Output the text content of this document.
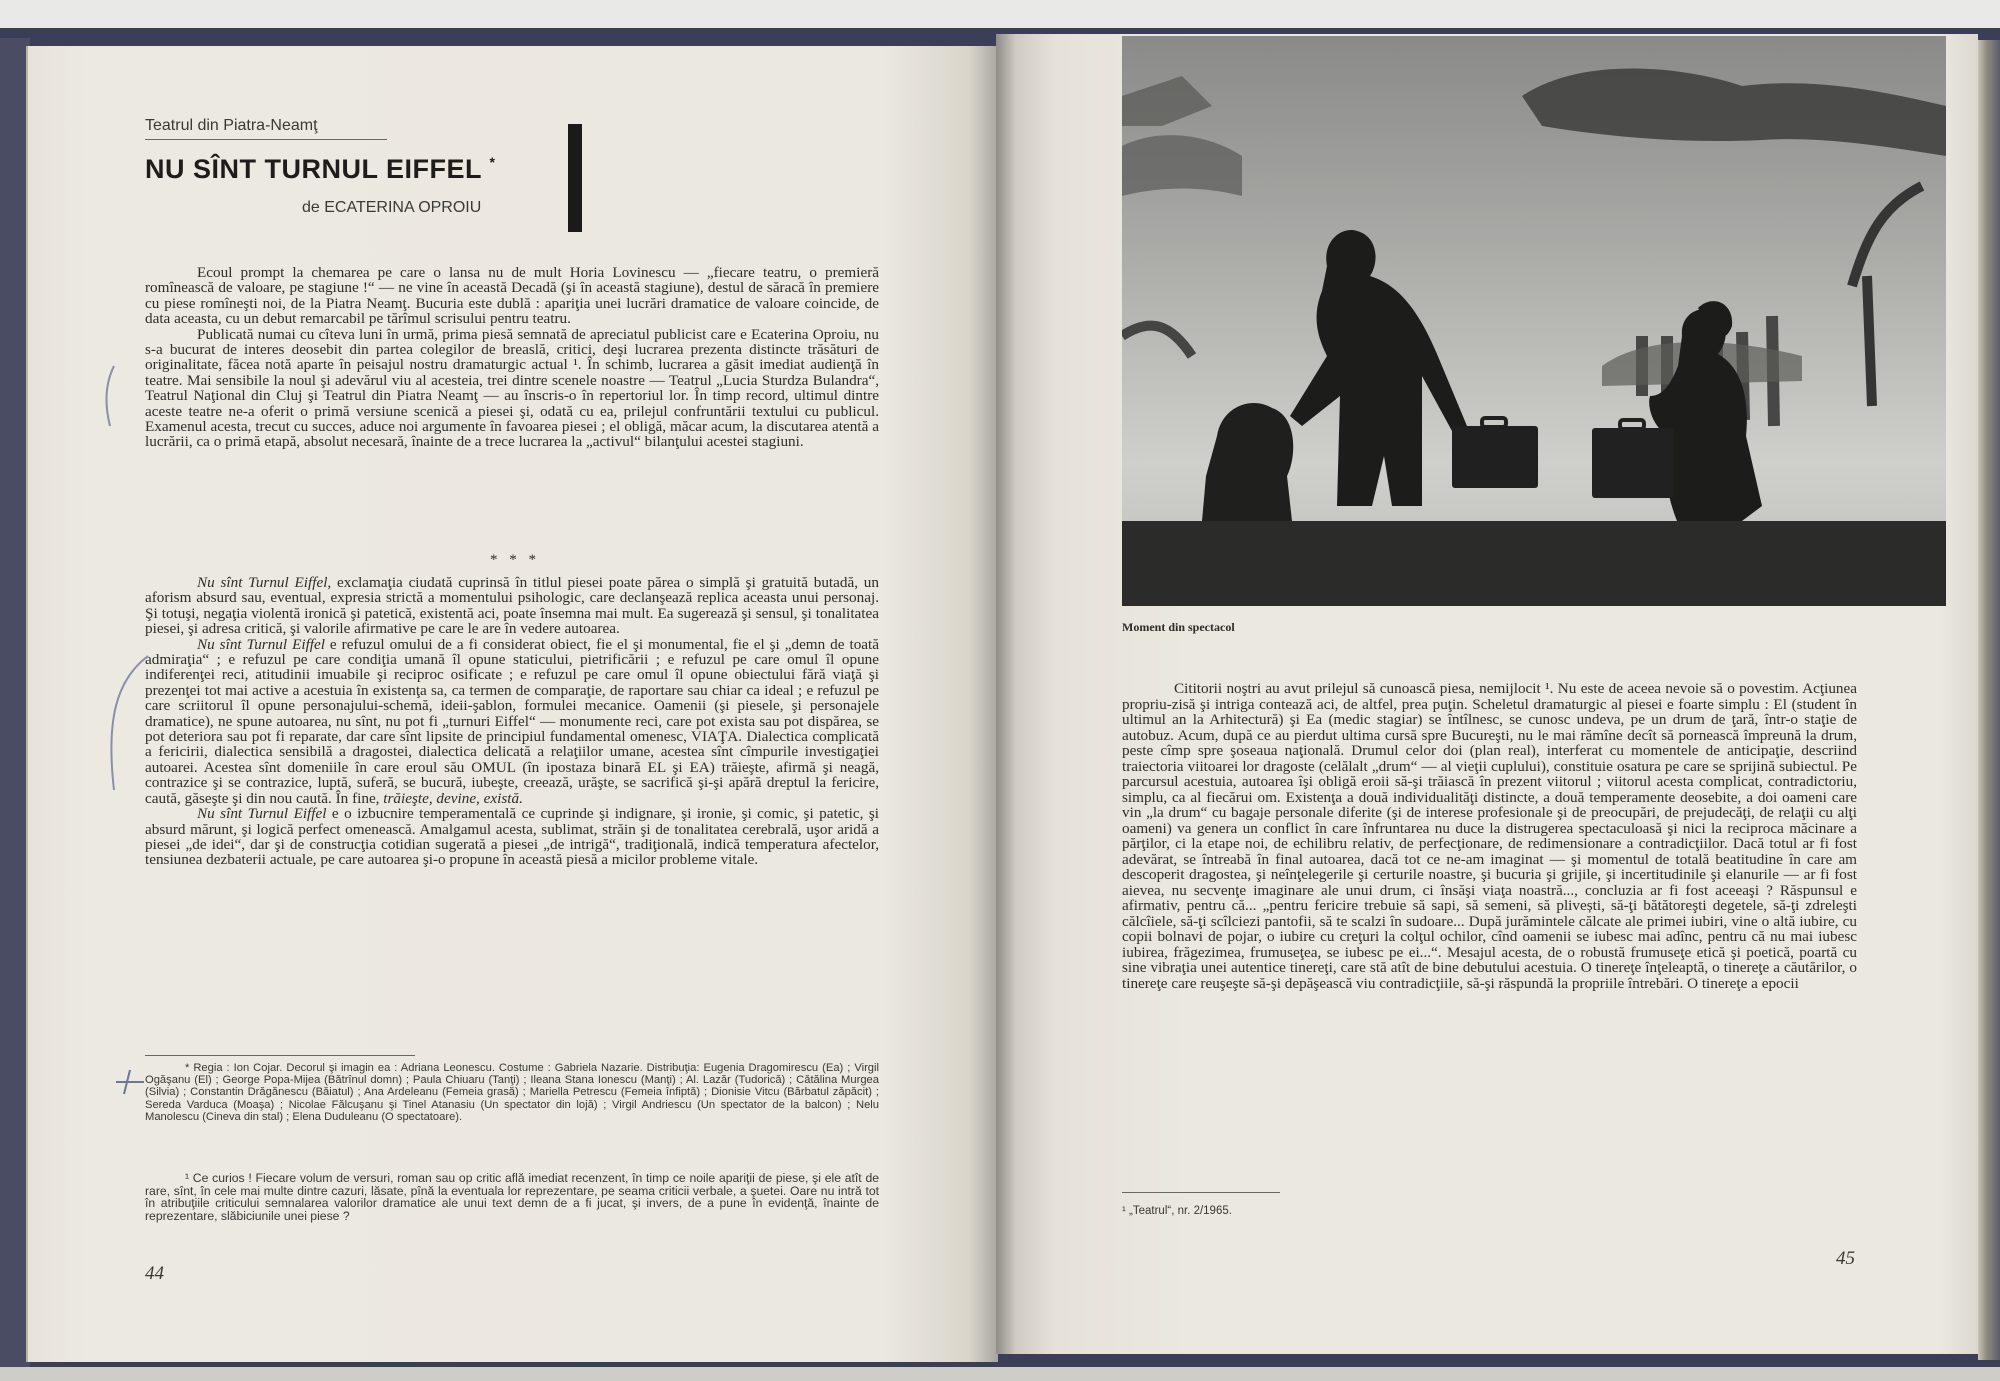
Teatrul din Piatra-Neamţ
NU SÎNT TURNUL EIFFEL *
de ECATERINA OPROIU

Ecoul prompt la chemarea pe care o lansa nu de mult Horia Lovinescu — „fiecare teatru, o premieră romînească de valoare, pe stagiune !“ — ne vine în această Decadă (şi în această stagiune), destul de săracă în premiere cu piese romîneşti noi, de la Piatra Neamţ. Bucuria este dublă : apariţia unei lucrări dramatice de valoare coincide, de data aceasta, cu un debut remarcabil pe tărîmul scrisului pentru teatru.

Publicată numai cu cîteva luni în urmă, prima piesă semnată de apreciatul publicist care e Ecaterina Oproiu, nu s-a bucurat de interes deosebit din partea colegilor de breaslă, critici, deşi lucrarea prezenta distincte trăsături de originalitate, făcea notă aparte în peisajul nostru dramaturgic actual ¹. În schimb, lucrarea a găsit imediat audienţă în teatre. Mai sensibile la noul şi adevărul viu al acesteia, trei dintre scenele noastre — Teatrul „Lucia Sturdza Bulandra“, Teatrul Naţional din Cluj şi Teatrul din Piatra Neamţ — au înscris-o în repertoriul lor. În timp record, ultimul dintre aceste teatre ne-a oferit o primă versiune scenică a piesei şi, odată cu ea, prilejul confruntării textului cu publicul. Examenul acesta, trecut cu succes, aduce noi argumente în favoarea piesei ; el obligă, măcar acum, la discutarea atentă a lucrării, ca o primă etapă, absolut necesară, înainte de a trece lucrarea la „activul“ bilanţului acestei stagiuni.

* * *

Nu sînt Turnul Eiffel, exclamaţia ciudată cuprinsă în titlul piesei poate părea o simplă şi gratuită butadă, un aforism absurd sau, eventual, expresia strictă a momentului psihologic, care declanşează replica aceasta unui personaj. Şi totuşi, negaţia violentă ironică şi patetică, existentă aci, poate însemna mai mult. Ea sugerează şi sensul, şi tonalitatea piesei, şi adresa critică, şi valorile afirmative pe care le are în vedere autoarea.

Nu sînt Turnul Eiffel e refuzul omului de a fi considerat obiect, fie el şi monumental, fie el şi „demn de toată admiraţia“ ; e refuzul pe care condiţia umană îl opune staticului, pietrificării ; e refuzul pe care omul îl opune indiferenţei reci, atitudinii imuabile şi reciproc osificate ; e refuzul pe care omul îl opune obiectului fără viaţă şi prezenţei tot mai active a acestuia în existenţa sa, ca termen de comparaţie, de raportare sau chiar ca ideal ; e refuzul pe care scriitorul îl opune personajului-schemă, ideii-şablon, formulei mecanice. Oamenii (şi piesele, şi personajele dramatice), ne spune autoarea, nu sînt, nu pot fi „turnuri Eiffel“ — monumente reci, care pot exista sau pot dispărea, se pot deteriora sau pot fi reparate, dar care sînt lipsite de principiul fundamental omenesc, VIAŢA. Dialectica complicată a fericirii, dialectica sensibilă a dragostei, dialectica delicată a relaţiilor umane, acestea sînt cîmpurile investigaţiei autoarei. Acestea sînt domeniile în care eroul său OMUL (în ipostaza binară EL şi EA) trăieşte, afirmă şi neagă, contrazice şi se contrazice, luptă, suferă, se bucură, iubeşte, creează, urăşte, se sacrifică şi-şi apără dreptul la fericire, caută, găseşte şi din nou caută. În fine, trăieşte, devine, există.

Nu sînt Turnul Eiffel e o izbucnire temperamentală ce cuprinde şi indignare, şi ironie, şi comic, şi patetic, şi absurd mărunt, şi logică perfect omenească. Amalgamul acesta, sublimat, străin şi de tonalitatea cerebrală, uşor aridă a piesei „de idei“, dar şi de construcţia cotidian sugerată a piesei „de intrigă“, tradiţională, indică temperatura afectelor, tensiunea dezbaterii actuale, pe care autoarea şi-o propune în această piesă a micilor probleme vitale.

* Regia : Ion Cojar. Decorul şi imagin ea : Adriana Leonescu. Costume : Gabriela Nazarie. Distribuţia: Eugenia Dragomirescu (Ea) ; Virgil Ogăşanu (El) ; George Popa-Mijea (Bătrînul domn) ; Paula Chiuaru (Tanţi) ; Ileana Stana Ionescu (Manţi) ; Al. Lazăr (Tudorică) ; Cătălina Murgea (Silvia) ; Constantin Drăgănescu (Băiatul) ; Ana Ardeleanu (Femeia grasă) ; Mariella Petrescu (Femeia înfiptă) ; Dionisie Vitcu (Bărbatul zăpăcit) ; Sereda Varduca (Moaşa) ; Nicolae Fălcuşanu şi Tinel Atanasiu (Un spectator din lojă) ; Virgil Andriescu (Un spectator de la balcon) ; Nelu Manolescu (Cineva din stal) ; Elena Duduleanu (O spectatoare).
¹ Ce curios ! Fiecare volum de versuri, roman sau op critic află imediat recenzent, în timp ce noile apariţii de piese, şi ele atît de rare, sînt, în cele mai multe dintre cazuri, lăsate, pînă la eventuala lor reprezentare, pe seama criticii verbale, a şuetei. Oare nu intră tot în atribuţiile criticului semnalarea valorilor dramatice ale unui text demn de a fi jucat, şi invers, de a pune în evidenţă, înainte de reprezentare, slăbiciunile unei piese ?
44
Moment din spectacol

Cititorii noştri au avut prilejul să cunoască piesa, nemijlocit ¹. Nu este de aceea nevoie să o povestim. Acţiunea propriu-zisă şi intriga contează aci, de altfel, prea puţin. Scheletul dramaturgic al piesei e foarte simplu : El (student în ultimul an la Arhitectură) şi Ea (medic stagiar) se întîlnesc, se cunosc undeva, pe un drum de ţară, într-o staţie de autobuz. Acum, după ce au pierdut ultima cursă spre Bucureşti, nu le mai rămîne decît să pornească împreună la drum, peste cîmp spre şoseaua naţională. Drumul celor doi (plan real), interferat cu momentele de anticipaţie, descriind traiectoria viitoarei lor dragoste (celălalt „drum“ — al vieţii cuplului), constituie osatura pe care se sprijină subiectul. Pe parcursul acestuia, autoarea îşi obligă eroii să-şi trăiască în prezent viitorul ; viitorul acesta complicat, contradictoriu, simplu, ca al fiecărui om. Existenţa a două individualităţi distincte, a două temperamente deosebite, a doi oameni care vin „la drum“ cu bagaje personale diferite (şi de interese profesionale şi de preocupări, de prejudecăţi, de relaţii cu alţi oameni) va genera un conflict în care înfruntarea nu duce la distrugerea spectaculoasă şi nici la reciproca măcinare a părţilor, ci la etape noi, de echilibru relativ, de perfecţionare, de redimensionare a contradicţiilor. Dacă totul ar fi fost adevărat, se întreabă în final autoarea, dacă tot ce ne-am imaginat — şi momentul de totală beatitudine în care am descoperit dragostea, şi neînţelegerile şi certurile noastre, şi bucuria şi grijile, şi incertitudinile şi elanurile — ar fi fost aievea, nu secvenţe imaginare ale unui drum, ci însăşi viaţa noastră..., concluzia ar fi fost aceeaşi ? Răspunsul e afirmativ, pentru că... „pentru fericire trebuie să sapi, să semeni, să plivești, să-ţi bătătoreşti degetele, să-ţi zdreleşti călcîiele, să-ţi scîlciezi pantofii, să te scalzi în sudoare... După jurămintele călcate ale primei iubiri, vine o altă iubire, cu copii bolnavi de pojar, o iubire cu creţuri la colţul ochilor, cînd oamenii se iubesc mai adînc, pentru că nu mai iubesc iubirea, frăgezimea, frumuseţea, se iubesc pe ei...“. Mesajul acesta, de o robustă frumuseţe etică şi poetică, poartă cu sine vibraţia unei autentice tinereţi, care stă atît de bine debutului acestuia. O tinereţe înţeleaptă, o tinereţe a căutărilor, o tinereţe care reuşeşte să-şi depăşească viu contradicţiile, să-şi răspundă la propriile întrebări. O tinereţe a epocii

¹ „Teatrul“, nr. 2/1965.
45
